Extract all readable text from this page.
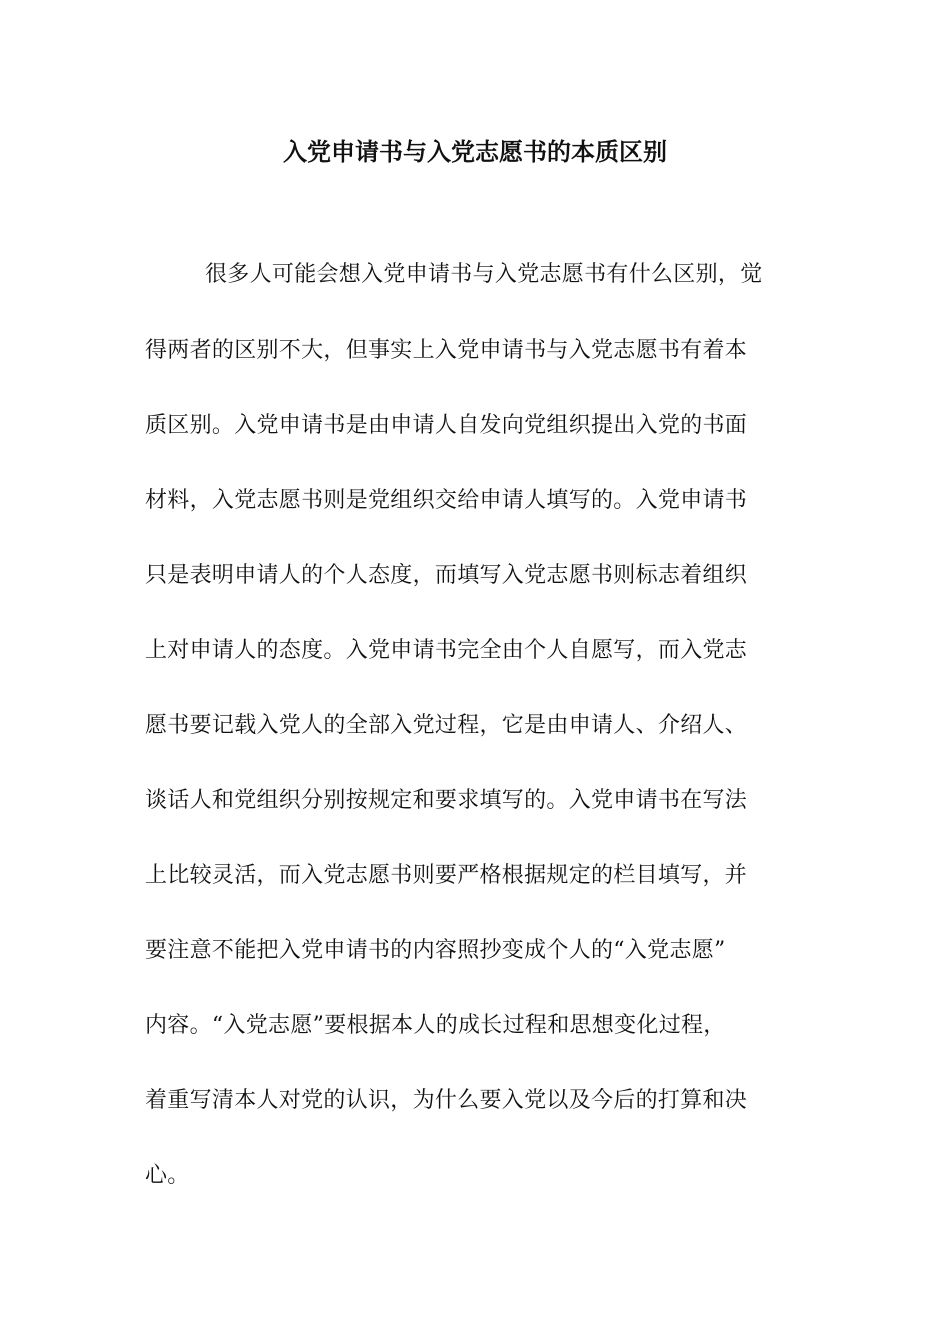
入党申请书与入党志愿书的本质区别
很多人可能会想入党申请书与入党志愿书有什么区别，觉
得两者的区别不大，但事实上入党申请书与入党志愿书有着本
质区别。入党申请书是由申请人自发向党组织提出入党的书面
材料，入党志愿书则是党组织交给申请人填写的。入党申请书
只是表明申请人的个人态度，而填写入党志愿书则标志着组织
上对申请人的态度。入党申请书完全由个人自愿写，而入党志
愿书要记载入党人的全部入党过程，它是由申请人、介绍人、
谈话人和党组织分别按规定和要求填写的。入党申请书在写法
上比较灵活，而入党志愿书则要严格根据规定的栏目填写，并
要注意不能把入党申请书的内容照抄变成个人的“入党志愿”
内容。“入党志愿”要根据本人的成长过程和思想变化过程，
着重写清本人对党的认识，为什么要入党以及今后的打算和决
心。
